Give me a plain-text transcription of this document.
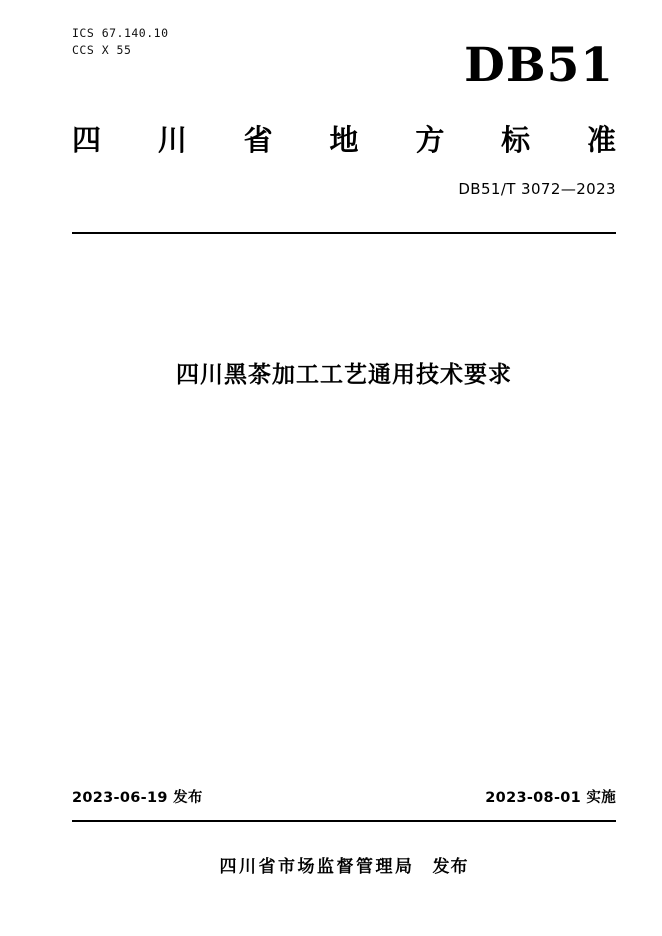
ICS 67.140.10
CCS X 55	DB51
四 川 省 地 方 标 准
DB51/T 3072—2023
四川黑茶加工工艺通用技术要求
2023-06-19 发布	2023-08-01 实施
四川省市场监督管理局 发布
